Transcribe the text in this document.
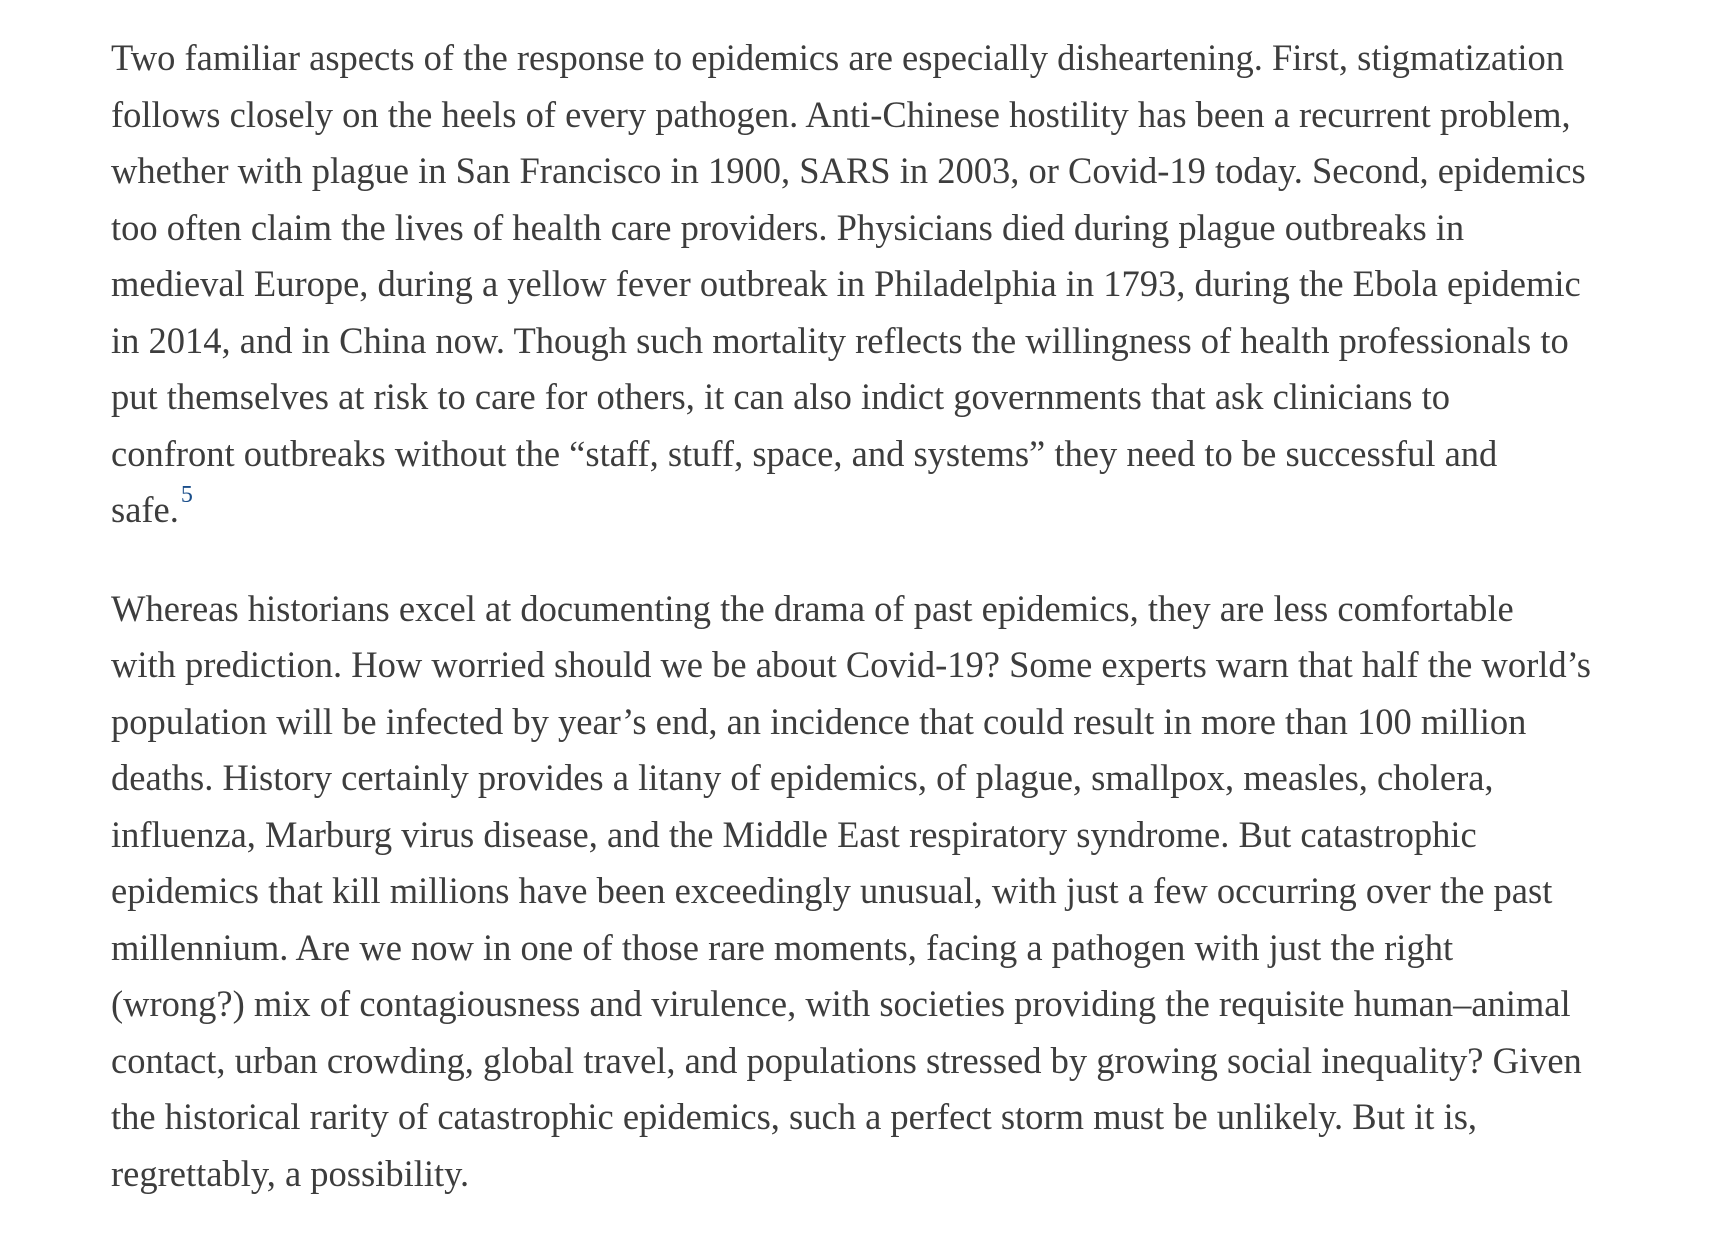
Two familiar aspects of the response to epidemics are especially disheartening. First, stigmatization
follows closely on the heels of every pathogen. Anti-Chinese hostility has been a recurrent problem,
whether with plague in San Francisco in 1900, SARS in 2003, or Covid-19 today. Second, epidemics
too often claim the lives of health care providers. Physicians died during plague outbreaks in
medieval Europe, during a yellow fever outbreak in Philadelphia in 1793, during the Ebola epidemic
in 2014, and in China now. Though such mortality reflects the willingness of health professionals to
put themselves at risk to care for others, it can also indict governments that ask clinicians to
confront outbreaks without the “staff, stuff, space, and systems” they need to be successful and
safe.$^5$

Whereas historians excel at documenting the drama of past epidemics, they are less comfortable
with prediction. How worried should we be about Covid-19? Some experts warn that half the world’s
population will be infected by year’s end, an incidence that could result in more than 100 million
deaths. History certainly provides a litany of epidemics, of plague, smallpox, measles, cholera,
influenza, Marburg virus disease, and the Middle East respiratory syndrome. But catastrophic
epidemics that kill millions have been exceedingly unusual, with just a few occurring over the past
millennium. Are we now in one of those rare moments, facing a pathogen with just the right
(wrong?) mix of contagiousness and virulence, with societies providing the requisite human–animal
contact, urban crowding, global travel, and populations stressed by growing social inequality? Given
the historical rarity of catastrophic epidemics, such a perfect storm must be unlikely. But it is,
regrettably, a possibility.
